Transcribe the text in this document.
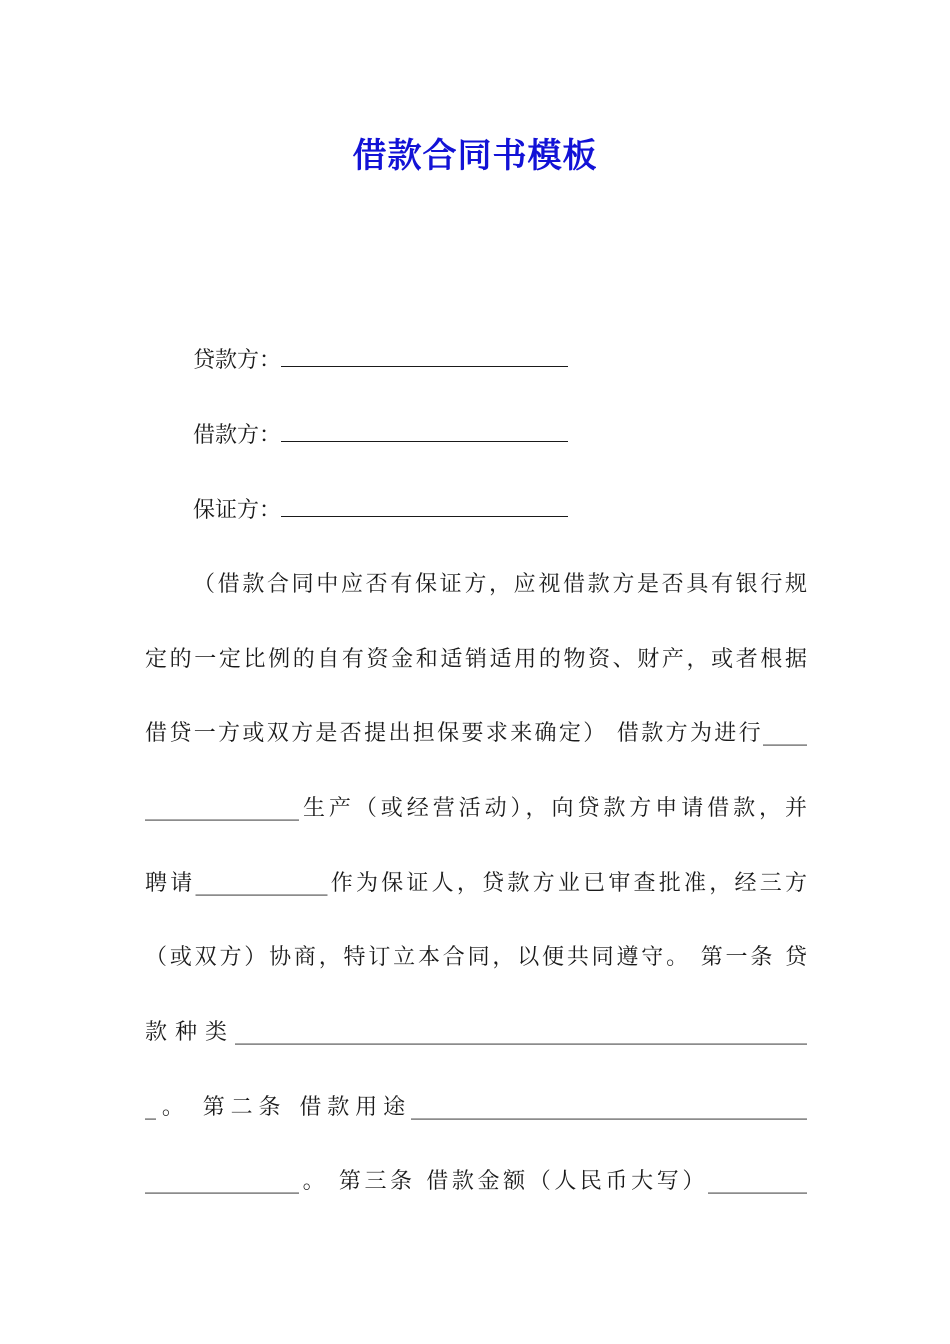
借款合同书模板
贷款方：
借款方：
保证方：
（借款合同中应否有保证方，应视借款方是否具有银行规
定的一定比例的自有资金和适销适用的物资、财产，或者根据
借贷一方或双方是否提出担保要求来确定） 借款方为进行____
______________生产（或经营活动），向贷款方申请借款，并
聘请____________作为保证人，贷款方业已审查批准，经三方
（或双方）协商，特订立本合同，以便共同遵守。 第一条 贷
款种类____________________________________________________
_。 第二条 借款用途____________________________________
______________。 第三条 借款金额（人民币大写）_________
